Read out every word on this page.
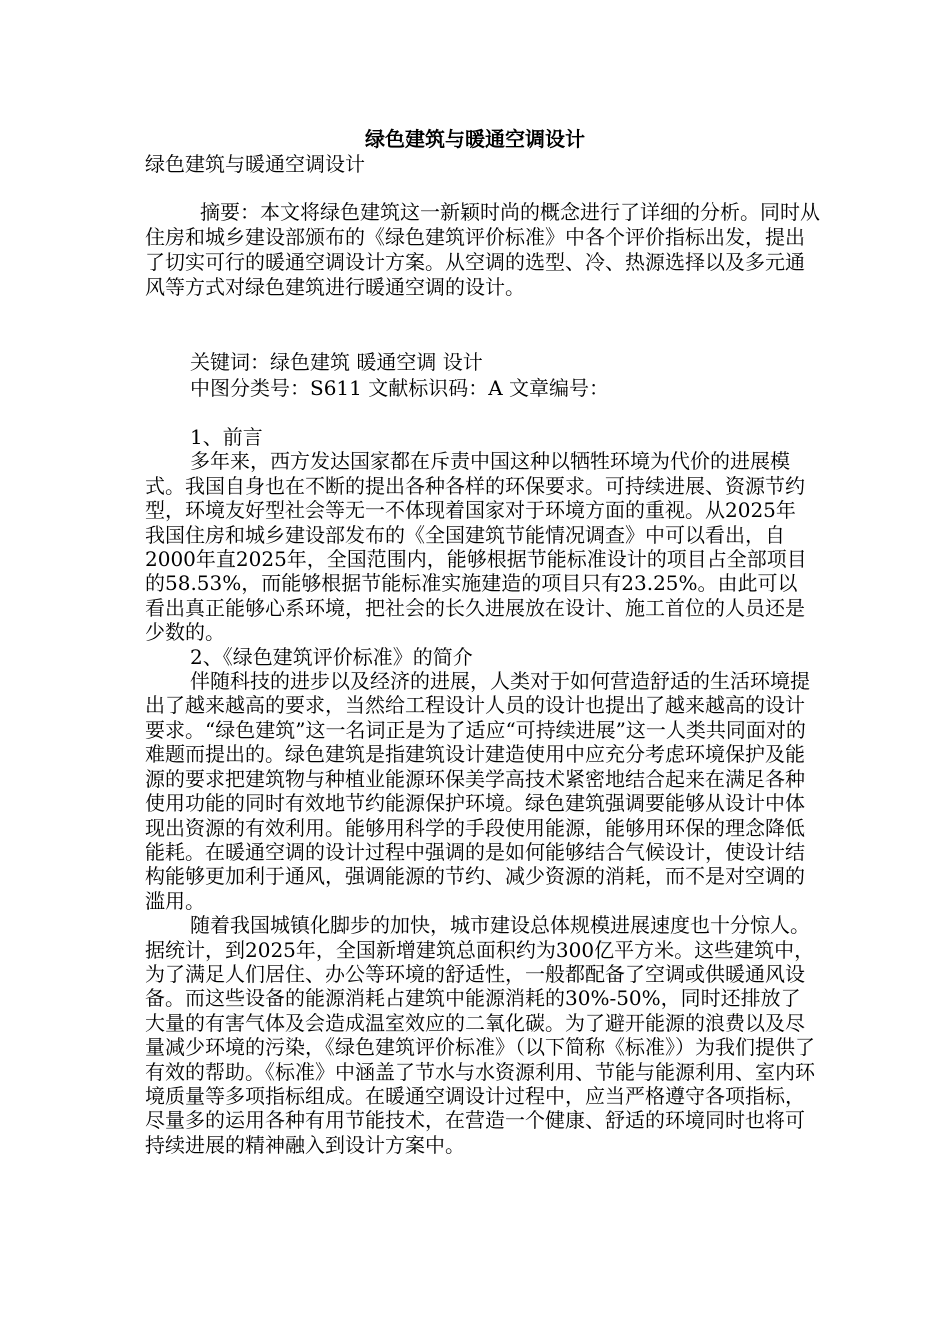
绿色建筑与暖通空调设计
绿色建筑与暖通空调设计

摘要：本文将绿色建筑这一新颖时尚的概念进行了详细的分析。同时从住房和城乡建设部颁布的《绿色建筑评价标准》中各个评价指标出发，提出了切实可行的暖通空调设计方案。从空调的选型、冷、热源选择以及多元通风等方式对绿色建筑进行暖通空调的设计。

关键词：绿色建筑 暖通空调 设计
中图分类号：S611 文献标识码：A 文章编号：

1、前言

多年来，西方发达国家都在斥责中国这种以牺牲环境为代价的进展模式。我国自身也在不断的提出各种各样的环保要求。可持续进展、资源节约型，环境友好型社会等无一不体现着国家对于环境方面的重视。从2025年我国住房和城乡建设部发布的《全国建筑节能情况调查》中可以看出，自2000年直2025年，全国范围内，能够根据节能标准设计的项目占全部项目的58.53%，而能够根据节能标准实施建造的项目只有23.25%。由此可以看出真正能够心系环境，把社会的长久进展放在设计、施工首位的人员还是少数的。

2、《绿色建筑评价标准》的简介

伴随科技的进步以及经济的进展，人类对于如何营造舒适的生活环境提出了越来越高的要求，当然给工程设计人员的设计也提出了越来越高的设计要求。“绿色建筑”这一名词正是为了适应“可持续进展”这一人类共同面对的难题而提出的。绿色建筑是指建筑设计建造使用中应充分考虑环境保护及能源的要求把建筑物与种植业能源环保美学高技术紧密地结合起来在满足各种使用功能的同时有效地节约能源保护环境。绿色建筑强调要能够从设计中体现出资源的有效利用。能够用科学的手段使用能源，能够用环保的理念降低能耗。在暖通空调的设计过程中强调的是如何能够结合气候设计，使设计结构能够更加利于通风，强调能源的节约、减少资源的消耗，而不是对空调的滥用。

随着我国城镇化脚步的加快，城市建设总体规模进展速度也十分惊人。据统计，到2025年，全国新增建筑总面积约为300亿平方米。这些建筑中，为了满足人们居住、办公等环境的舒适性，一般都配备了空调或供暖通风设备。而这些设备的能源消耗占建筑中能源消耗的30%-50%，同时还排放了大量的有害气体及会造成温室效应的二氧化碳。为了避开能源的浪费以及尽量减少环境的污染，《绿色建筑评价标准》（以下简称《标准》）为我们提供了有效的帮助。《标准》中涵盖了节水与水资源利用、节能与能源利用、室内环境质量等多项指标组成。在暖通空调设计过程中，应当严格遵守各项指标，尽量多的运用各种有用节能技术，在营造一个健康、舒适的环境同时也将可持续进展的精神融入到设计方案中。
